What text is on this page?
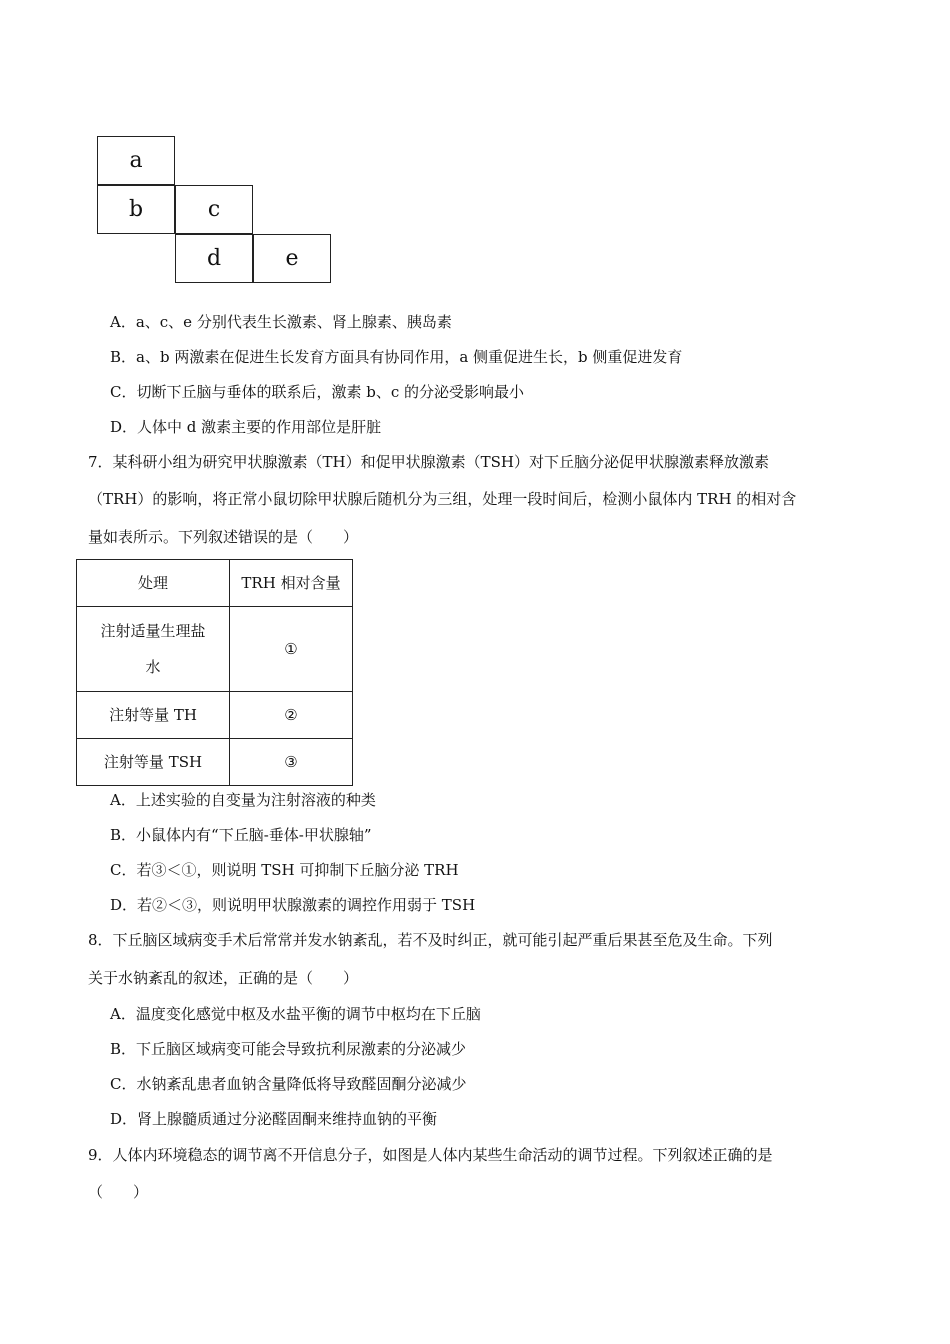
a
b	c
d	e
A．a、c、e 分别代表生长激素、肾上腺素、胰岛素
B．a、b 两激素在促进生长发育方面具有协同作用，a 侧重促进生长，b 侧重促进发育
C．切断下丘脑与垂体的联系后，激素 b、c 的分泌受影响最小
D．人体中 d 激素主要的作用部位是肝脏
7．某科研小组为研究甲状腺激素（TH）和促甲状腺激素（TSH）对下丘脑分泌促甲状腺激素释放激素
（TRH）的影响，将正常小鼠切除甲状腺后随机分为三组，处理一段时间后，检测小鼠体内 TRH 的相对含
量如表所示。下列叙述错误的是（　　）
处理	TRH 相对含量

注射适量生理盐
水	①
注射等量 TH	②
注射等量 TSH	③
A．上述实验的自变量为注射溶液的种类
B．小鼠体内有“下丘脑-垂体-甲状腺轴”
C．若③＜①，则说明 TSH 可抑制下丘脑分泌 TRH
D．若②＜③，则说明甲状腺激素的调控作用弱于 TSH
8．下丘脑区域病变手术后常常并发水钠紊乱，若不及时纠正，就可能引起严重后果甚至危及生命。下列
关于水钠紊乱的叙述，正确的是（　　）
A．温度变化感觉中枢及水盐平衡的调节中枢均在下丘脑
B．下丘脑区域病变可能会导致抗利尿激素的分泌减少
C．水钠紊乱患者血钠含量降低将导致醛固酮分泌减少
D．肾上腺髓质通过分泌醛固酮来维持血钠的平衡
9．人体内环境稳态的调节离不开信息分子，如图是人体内某些生命活动的调节过程。下列叙述正确的是
（　　）
